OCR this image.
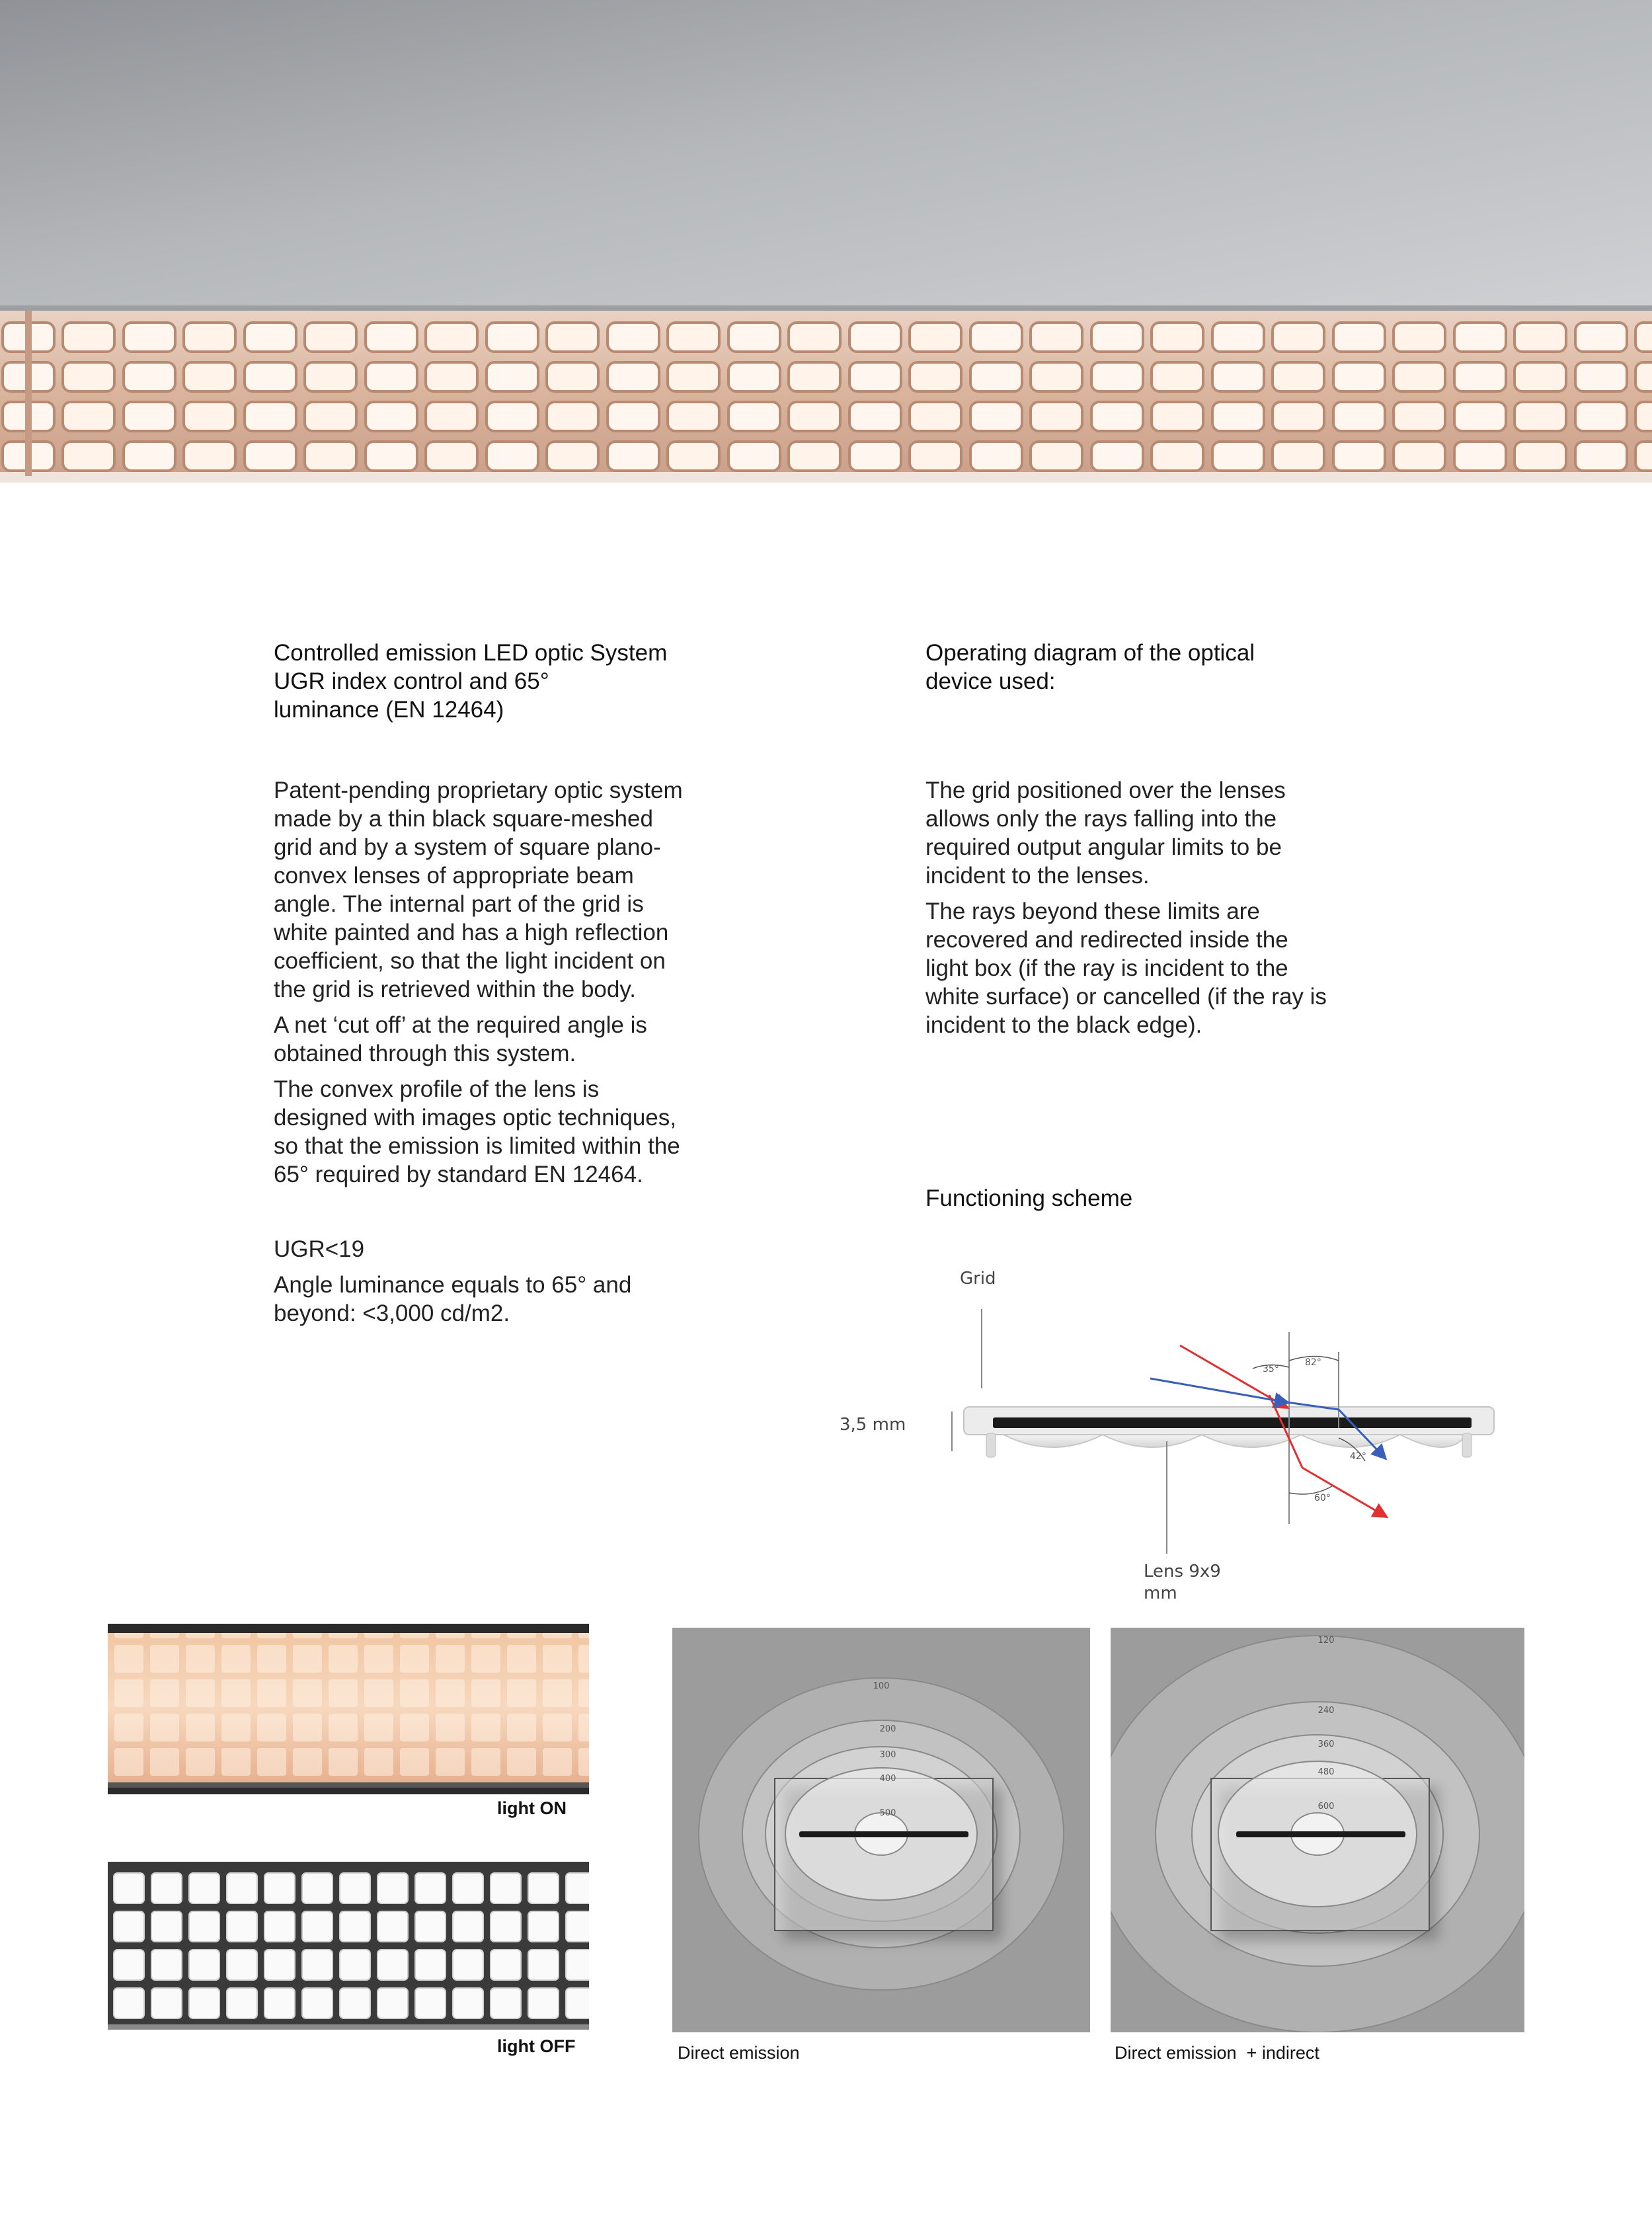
Controlled emission LED optic System
UGR index control and 65°
luminance (EN 12464)

Patent-pending proprietary optic system
made by a thin black square-meshed
grid and by a system of square plano-
convex lenses of appropriate beam
angle. The internal part of the grid is
white painted and has a high reflection
coefficient, so that the light incident on
the grid is retrieved within the body.

A net ‘cut off’ at the required angle is
obtained through this system.

The convex profile of the lens is
designed with images optic techniques,
so that the emission is limited within the
65° required by standard EN 12464.

UGR<19

Angle luminance equals to 65° and
beyond: <3,000 cd/m2.

Operating diagram of the optical
device used:

The grid positioned over the lenses
allows only the rays falling into the
required output angular limits to be
incident to the lenses.

The rays beyond these limits are
recovered and redirected inside the
light box (if the ray is incident to the
white surface) or cancelled (if the ray is
incident to the black edge).

Functioning scheme
Grid
3,5 mm
35°
82°
42°
60°
Lens 9x9 mm
light ON
light OFF
100
200
300
400
500
Direct emission
120
240
360
480
600
Direct emission  + indirect
